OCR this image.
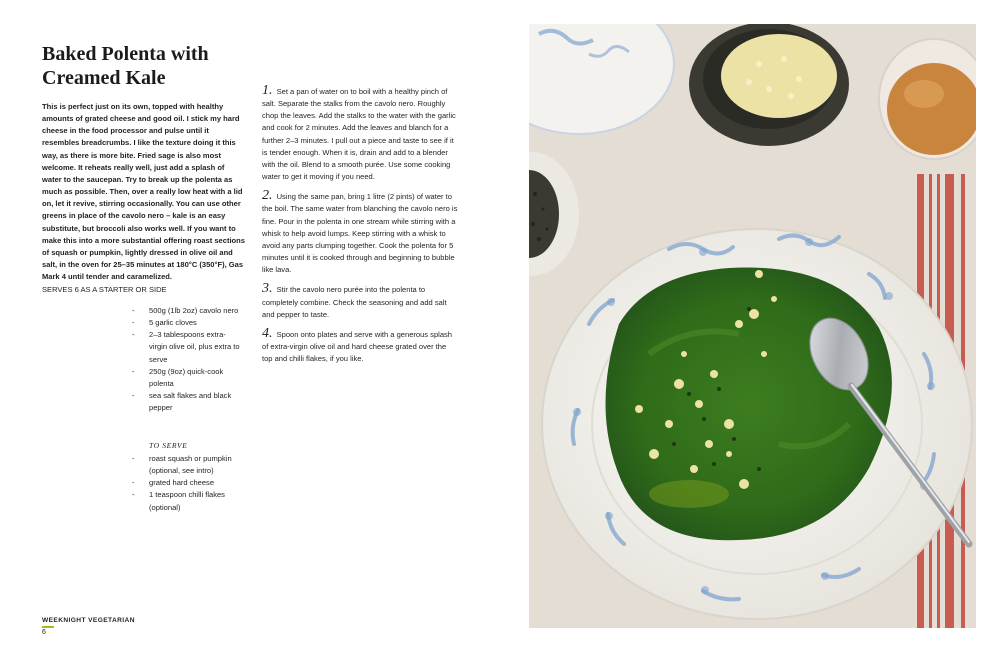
Baked Polenta with Creamed Kale

This is perfect just on its own, topped with healthy amounts of grated cheese and good oil. I stick my hard cheese in the food processor and pulse until it resembles breadcrumbs. I like the texture doing it this way, as there is more bite. Fried sage is also most welcome. It reheats really well, just add a splash of water to the saucepan. Try to break up the polenta as much as possible. Then, over a really low heat with a lid on, let it revive, stirring occasionally. You can use other greens in place of the cavolo nero – kale is an easy substitute, but broccoli also works well. If you want to make this into a more substantial offering roast sections of squash or pumpkin, lightly dressed in olive oil and salt, in the oven for 25–35 minutes at 180°C (350°F), Gas Mark 4 until tender and caramelized.

SERVES 6 AS A STARTER OR SIDE

- 500g (1lb 2oz) cavolo nero
- 5 garlic cloves
- 2–3 tablespoons extra-virgin olive oil, plus extra to serve
- 250g (9oz) quick-cook polenta
- sea salt flakes and black pepper
TO SERVE
- roast squash or pumpkin (optional, see intro)
- grated hard cheese
- 1 teaspoon chilli flakes (optional)

1. Set a pan of water on to boil with a healthy pinch of salt. Separate the stalks from the cavolo nero. Roughly chop the leaves. Add the stalks to the water with the garlic and cook for 2 minutes. Add the leaves and blanch for a further 2–3 minutes. I pull out a piece and taste to see if it is tender enough. When it is, drain and add to a blender with the oil. Blend to a smooth purée. Use some cooking water to get it moving if you need.

2. Using the same pan, bring 1 litre (2 pints) of water to the boil. The same water from blanching the cavolo nero is fine. Pour in the polenta in one stream while stirring with a whisk to help avoid lumps. Keep stirring with a whisk to avoid any parts clumping together. Cook the polenta for 5 minutes until it is cooked through and beginning to bubble like lava.

3. Stir the cavolo nero purée into the polenta to completely combine. Check the seasoning and add salt and pepper to taste.

4. Spoon onto plates and serve with a generous splash of extra-virgin olive oil and hard cheese grated over the top and chilli flakes, if you like.

WEEKNIGHT VEGETARIAN
6
